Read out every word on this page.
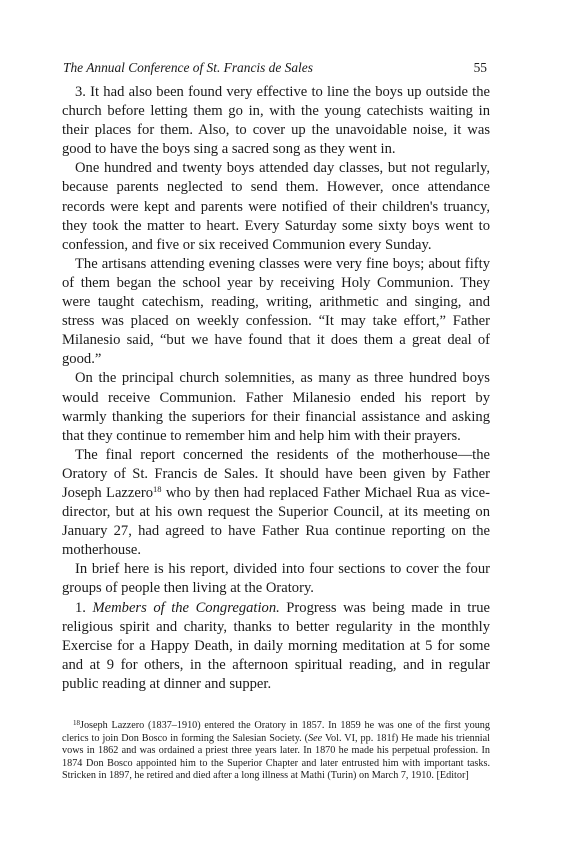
The Annual Conference of St. Francis de Sales	55

3. It had also been found very effective to line the boys up outside the church before letting them go in, with the young catechists waiting in their places for them. Also, to cover up the unavoidable noise, it was good to have the boys sing a sacred song as they went in.

One hundred and twenty boys attended day classes, but not regularly, because parents neglected to send them. However, once attendance records were kept and parents were notified of their children's truancy, they took the matter to heart. Every Saturday some sixty boys went to confession, and five or six received Communion every Sunday.

The artisans attending evening classes were very fine boys; about fifty of them began the school year by receiving Holy Communion. They were taught catechism, reading, writing, arithmetic and singing, and stress was placed on weekly confession. “It may take effort,” Father Milanesio said, “but we have found that it does them a great deal of good.”

On the principal church solemnities, as many as three hundred boys would receive Communion. Father Milanesio ended his report by warmly thanking the superiors for their financial assistance and asking that they continue to remember him and help him with their prayers.

The final report concerned the residents of the motherhouse—the Oratory of St. Francis de Sales. It should have been given by Father Joseph Lazzero$^{18}$ who by then had replaced Father Michael Rua as vice-director, but at his own request the Superior Council, at its meeting on January 27, had agreed to have Father Rua continue reporting on the motherhouse.

In brief here is his report, divided into four sections to cover the four groups of people then living at the Oratory.

1. Members of the Congregation. Progress was being made in true religious spirit and charity, thanks to better regularity in the monthly Exercise for a Happy Death, in daily morning meditation at 5 for some and at 9 for others, in the afternoon spiritual reading, and in regular public reading at dinner and supper.

$^{18}$Joseph Lazzero (1837–1910) entered the Oratory in 1857. In 1859 he was one of the first young clerics to join Don Bosco in forming the Salesian Society. (See Vol. VI, pp. 181f) He made his triennial vows in 1862 and was ordained a priest three years later. In 1870 he made his perpetual profession. In 1874 Don Bosco appointed him to the Superior Chapter and later entrusted him with important tasks. Stricken in 1897, he retired and died after a long illness at Mathi (Turin) on March 7, 1910. [Editor]
